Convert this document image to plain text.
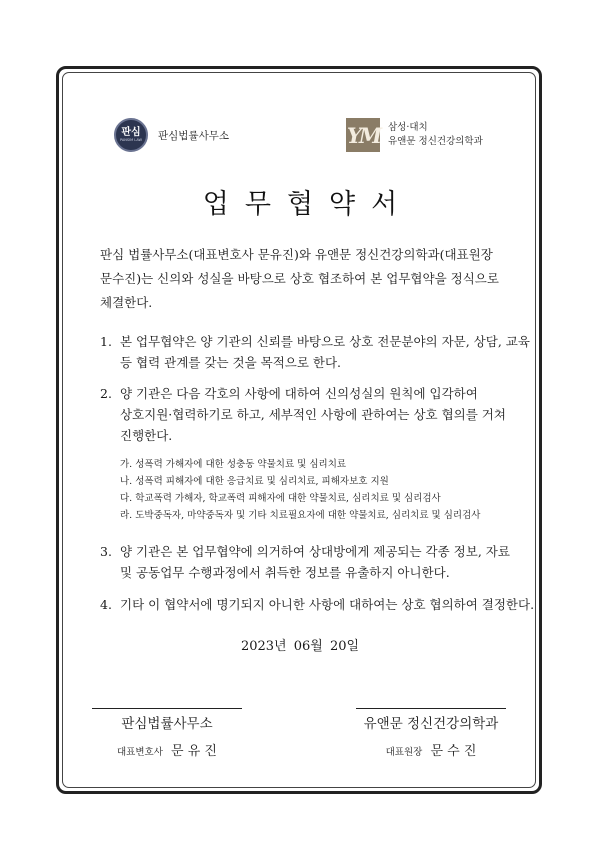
판심
PANSIM LAW 판심법률사무소	YM 삼성·대치
유앤문 정신건강의학과
업무협약서
판심 법률사무소(대표변호사 문유진)와 유앤문 정신건강의학과(대표원장
문수진)는 신의와 성실을 바탕으로 상호 협조하여 본 업무협약을 정식으로
체결한다.
1. 본 업무협약은 양 기관의 신뢰를 바탕으로 상호 전문분야의 자문, 상담, 교육
등 협력 관계를 갖는 것을 목적으로 한다.
2. 양 기관은 다음 각호의 사항에 대하여 신의성실의 원칙에 입각하여
상호지원·협력하기로 하고, 세부적인 사항에 관하여는 상호 협의를 거쳐
진행한다.
가. 성폭력 가해자에 대한 성충동 약물치료 및 심리치료
나. 성폭력 피해자에 대한 응급치료 및 심리치료, 피해자보호 지원
다. 학교폭력 가해자, 학교폭력 피해자에 대한 약물치료, 심리치료 및 심리검사
라. 도박중독자, 마약중독자 및 기타 치료필요자에 대한 약물치료, 심리치료 및 심리검사
3. 양 기관은 본 업무협약에 의거하여 상대방에게 제공되는 각종 정보, 자료
및 공동업무 수행과정에서 취득한 정보를 유출하지 아니한다.
4. 기타 이 협약서에 명기되지 아니한 사항에 대하여는 상호 협의하여 결정한다.
2023년 06월 20일
판심법률사무소
대표변호사 문 유 진
유앤문 정신건강의학과
대표원장 문 수 진
